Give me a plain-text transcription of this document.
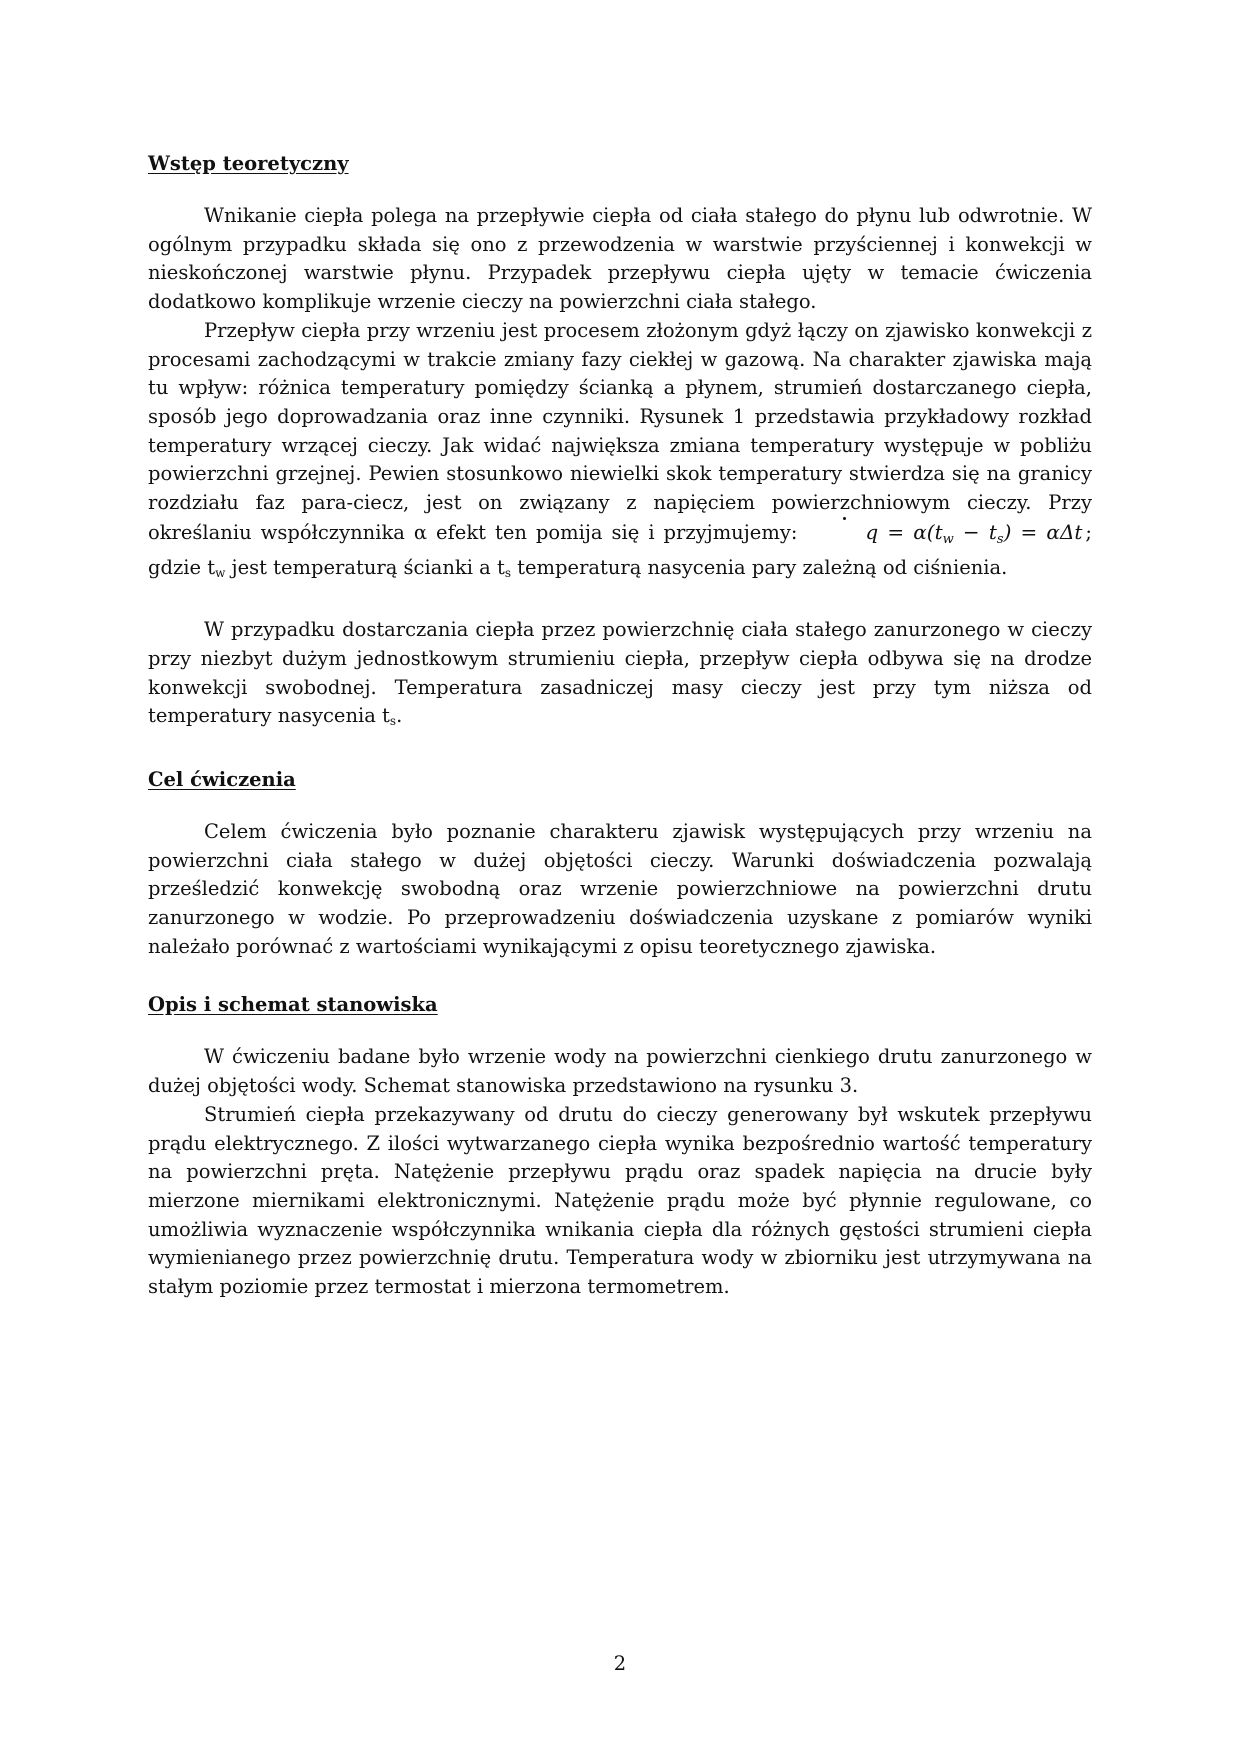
Wstęp teoretyczny

Wnikanie ciepła polega na przepływie ciepła od ciała stałego do płynu lub odwrotnie. W ogólnym przypadku składa się ono z przewodzenia w warstwie przyściennej i konwekcji w nieskończonej warstwie płynu. Przypadek przepływu ciepła ujęty w temacie ćwiczenia dodatkowo komplikuje wrzenie cieczy na powierzchni ciała stałego.

Przepływ ciepła przy wrzeniu jest procesem złożonym gdyż łączy on zjawisko konwekcji z procesami zachodzącymi w trakcie zmiany fazy ciekłej w gazową. Na charakter zjawiska mają tu wpływ: różnica temperatury pomiędzy ścianką a płynem, strumień dostarczanego ciepła, sposób jego doprowadzania oraz inne czynniki. Rysunek 1 przedstawia przykładowy rozkład temperatury wrzącej cieczy. Jak widać największa zmiana temperatury występuje w pobliżu powierzchni grzejnej. Pewien stosunkowo niewielki skok temperatury stwierdza się na granicy rozdziału faz para-ciecz, jest on związany z napięciem powierzchniowym cieczy. Przy określaniu współczynnika α efekt ten pomija się i przyjmujemy:	$q = \alpha(t_w - t_s) = \alpha\Delta t$ ; gdzie tw jest temperaturą ścianki a ts temperaturą nasycenia pary zależną od ciśnienia.

W przypadku dostarczania ciepła przez powierzchnię ciała stałego zanurzonego w cieczy przy niezbyt dużym jednostkowym strumieniu ciepła, przepływ ciepła odbywa się na drodze konwekcji swobodnej. Temperatura zasadniczej masy cieczy jest przy tym niższa od temperatury nasycenia ts.

Cel ćwiczenia

Celem ćwiczenia było poznanie charakteru zjawisk występujących przy wrzeniu na powierzchni ciała stałego w dużej objętości cieczy. Warunki doświadczenia pozwalają prześledzić konwekcję swobodną oraz wrzenie powierzchniowe na powierzchni drutu zanurzonego w wodzie. Po przeprowadzeniu doświadczenia uzyskane z pomiarów wyniki należało porównać z wartościami wynikającymi z opisu teoretycznego zjawiska.

Opis i schemat stanowiska

W ćwiczeniu badane było wrzenie wody na powierzchni cienkiego drutu zanurzonego w dużej objętości wody. Schemat stanowiska przedstawiono na rysunku 3.

Strumień ciepła przekazywany od drutu do cieczy generowany był wskutek przepływu prądu elektrycznego. Z ilości wytwarzanego ciepła wynika bezpośrednio wartość temperatury na powierzchni pręta. Natężenie przepływu prądu oraz spadek napięcia na drucie były mierzone miernikami elektronicznymi. Natężenie prądu może być płynnie regulowane, co umożliwia wyznaczenie współczynnika wnikania ciepła dla różnych gęstości strumieni ciepła wymienianego przez powierzchnię drutu. Temperatura wody w zbiorniku jest utrzymywana na stałym poziomie przez termostat i mierzona termometrem.

2
